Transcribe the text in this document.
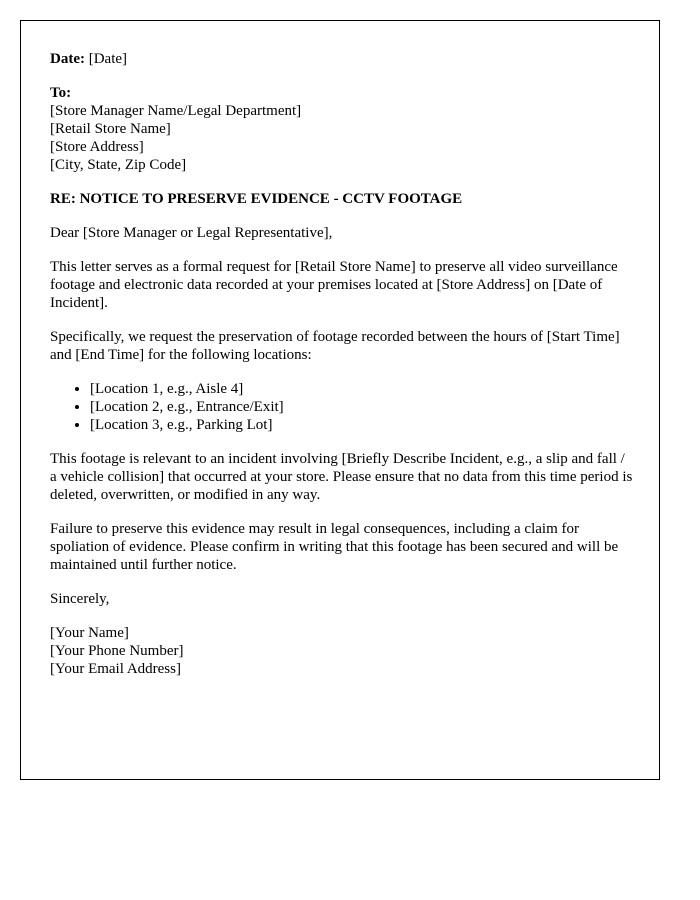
Date: [Date]

To:
[Store Manager Name/Legal Department]
[Retail Store Name]
[Store Address]
[City, State, Zip Code]

RE: NOTICE TO PRESERVE EVIDENCE - CCTV FOOTAGE

Dear [Store Manager or Legal Representative],

This letter serves as a formal request for [Retail Store Name] to preserve all video surveillance footage and electronic data recorded at your premises located at [Store Address] on [Date of Incident].

Specifically, we request the preservation of footage recorded between the hours of [Start Time] and [End Time] for the following locations:

• [Location 1, e.g., Aisle 4]
• [Location 2, e.g., Entrance/Exit]
• [Location 3, e.g., Parking Lot]

This footage is relevant to an incident involving [Briefly Describe Incident, e.g., a slip and fall / a vehicle collision] that occurred at your store. Please ensure that no data from this time period is deleted, overwritten, or modified in any way.

Failure to preserve this evidence may result in legal consequences, including a claim for spoliation of evidence. Please confirm in writing that this footage has been secured and will be maintained until further notice.

Sincerely,

[Your Name]
[Your Phone Number]
[Your Email Address]
